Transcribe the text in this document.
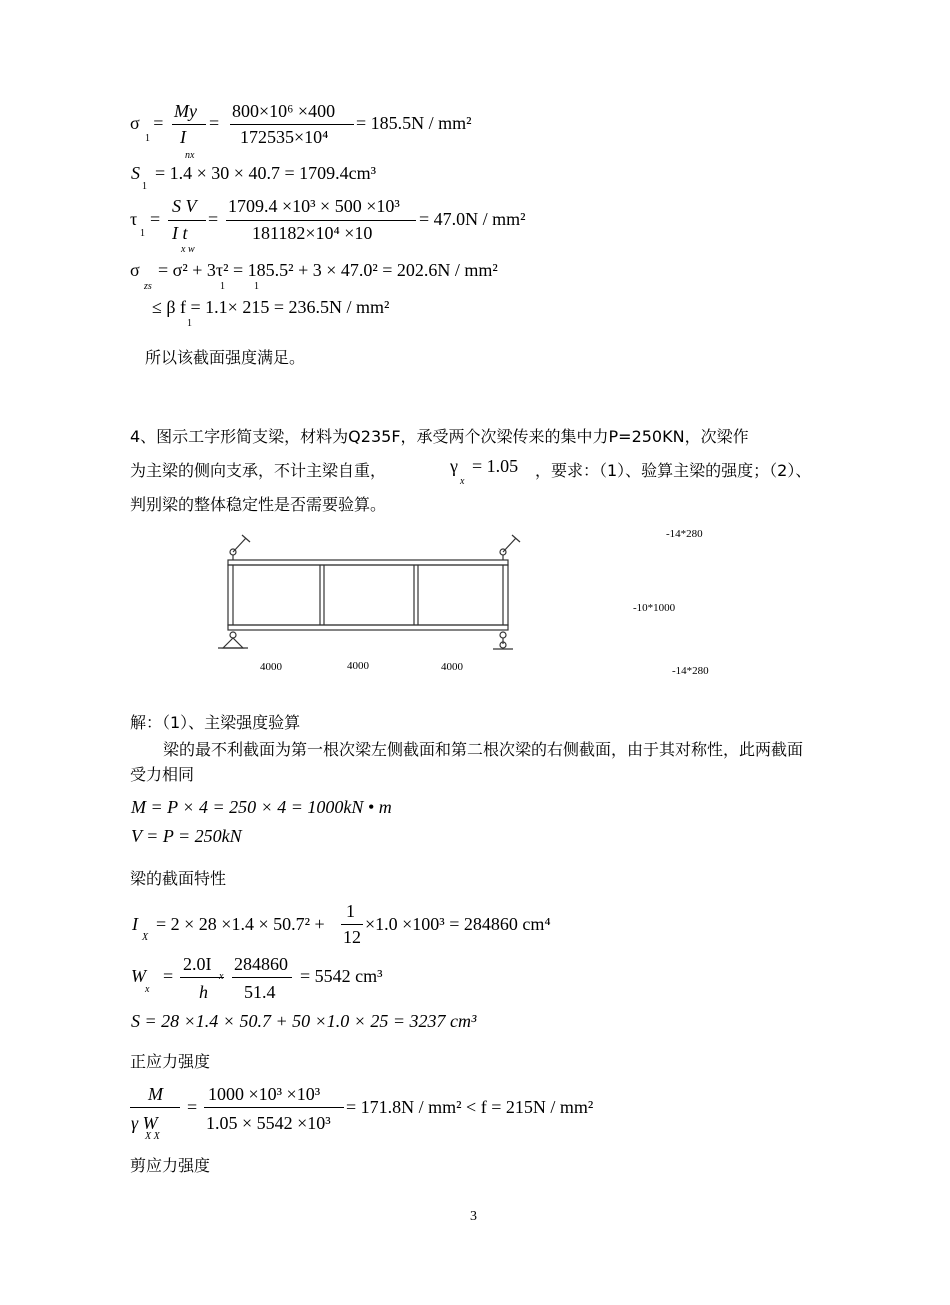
σ   =
1
My
I
nx
=
800×10⁶ ×400
172535×10⁴
= 185.5N / mm²
S
1
= 1.4 × 30 × 40.7 = 1709.4cm³
τ
1
=
S V
I t
x w
=
1709.4 ×10³ × 500 ×10³
181182×10⁴ ×10
= 47.0N / mm²
σ
zs
= σ² + 3τ² = 185.5² + 3 × 47.0² = 202.6N / mm²
1	1
≤ β f = 1.1× 215 = 236.5N / mm²
1
所以该截面强度满足。
4、图示工字形简支梁，材料为Q235F，承受两个次梁传来的集中力P=250KN，次梁作
为主梁的侧向支承，不计主梁自重，	γ
x
= 1.05 ，要求：（1）、验算主梁的强度；（2）、
判别梁的整体稳定性是否需要验算。
4000	4000	4000
-14*280
-10*1000
-14*280
解：（1）、主梁强度验算
梁的最不利截面为第一根次梁左侧截面和第二根次梁的右侧截面，由于其对称性，此两截面
受力相同
M = P × 4 = 250 × 4 = 1000kN • m
V = P = 250kN
梁的截面特性
I
X
= 2 × 28 ×1.4 × 50.7² +
1
12
×1.0 ×100³ = 284860 cm⁴
W
x
=
2.0I
x
h
284860
51.4
= 5542 cm³
S = 28 ×1.4 × 50.7 + 50 ×1.0 × 25 = 3237 cm³
正应力强度
M
γ W
X X
=
1000 ×10³ ×10³
1.05 × 5542 ×10³
= 171.8N / mm² < f = 215N / mm²
剪应力强度
3
